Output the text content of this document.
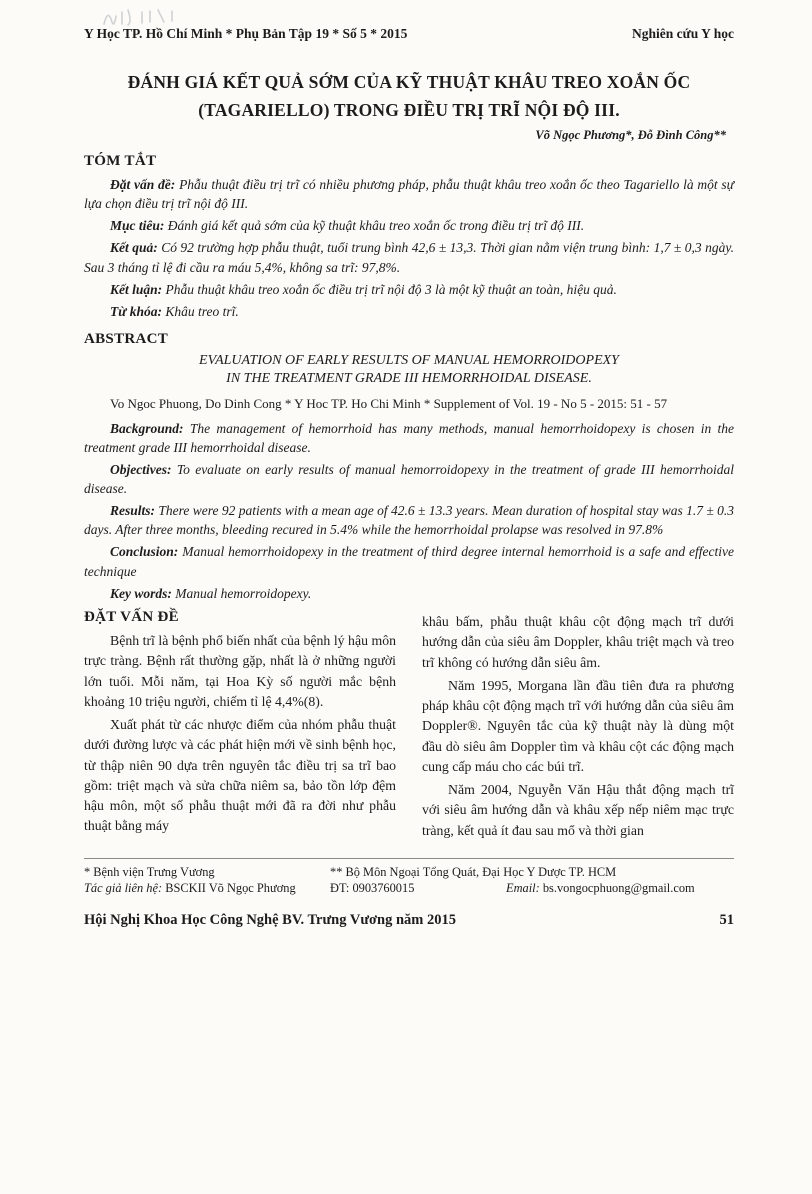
Y Học TP. Hồ Chí Minh * Phụ Bản Tập 19 * Số 5 * 2015	Nghiên cứu Y học
ĐÁNH GIÁ KẾT QUẢ SỚM CỦA KỸ THUẬT KHÂU TREO XOẮN ỐC
(TAGARIELLO) TRONG ĐIỀU TRỊ TRĨ NỘI ĐỘ III.
Võ Ngọc Phương*, Đỗ Đình Công**
TÓM TẮT

Đặt vấn đề: Phẫu thuật điều trị trĩ có nhiều phương pháp, phẫu thuật khâu treo xoắn ốc theo Tagariello là một sự lựa chọn điều trị trĩ nội độ III.

Mục tiêu: Đánh giá kết quả sớm của kỹ thuật khâu treo xoắn ốc trong điều trị trĩ độ III.

Kết quả: Có 92 trường hợp phẫu thuật, tuổi trung bình 42,6 ± 13,3. Thời gian nằm viện trung bình: 1,7 ± 0,3 ngày. Sau 3 tháng tỉ lệ đi cầu ra máu 5,4%, không sa trĩ: 97,8%.

Kết luận: Phẫu thuật khâu treo xoắn ốc điều trị trĩ nội độ 3 là một kỹ thuật an toàn, hiệu quả.

Từ khóa: Khâu treo trĩ.

ABSTRACT
EVALUATION OF EARLY RESULTS OF MANUAL HEMORROIDOPEXY
IN THE TREATMENT GRADE III HEMORRHOIDAL DISEASE.

Vo Ngoc Phuong, Do Dinh Cong * Y Hoc TP. Ho Chi Minh * Supplement of Vol. 19 - No 5 - 2015: 51 - 57

Background: The management of hemorrhoid has many methods, manual hemorrhoidopexy is chosen in the treatment grade III hemorrhoidal disease.

Objectives: To evaluate on early results of manual hemorroidopexy in the treatment of grade III hemorrhoidal disease.

Results: There were 92 patients with a mean age of 42.6 ± 13.3 years. Mean duration of hospital stay was 1.7 ± 0.3 days. After three months, bleeding recured in 5.4% while the hemorrhoidal prolapse was resolved in 97.8%

Conclusion: Manual hemorrhoidopexy in the treatment of third degree internal hemorrhoid is a safe and effective technique

Key words: Manual hemorroidopexy.

ĐẶT VẤN ĐỀ

Bệnh trĩ là bệnh phổ biến nhất của bệnh lý hậu môn trực tràng. Bệnh rất thường gặp, nhất là ở những người lớn tuổi. Mỗi năm, tại Hoa Kỳ số người mắc bệnh khoảng 10 triệu người, chiếm tỉ lệ 4,4%(8).

Xuất phát từ các nhược điểm của nhóm phẫu thuật dưới đường lược và các phát hiện mới về sinh bệnh học, từ thập niên 90 dựa trên nguyên tắc điều trị sa trĩ bao gồm: triệt mạch và sửa chữa niêm sa, bảo tồn lớp đệm hậu môn, một số phẫu thuật mới đã ra đời như phẫu thuật bằng máy

khâu bấm, phẫu thuật khâu cột động mạch trĩ dưới hướng dẫn của siêu âm Doppler, khâu triệt mạch và treo trĩ không có hướng dẫn siêu âm.

Năm 1995, Morgana lần đầu tiên đưa ra phương pháp khâu cột động mạch trĩ với hướng dẫn của siêu âm Doppler®. Nguyên tắc của kỹ thuật này là dùng một đầu dò siêu âm Doppler tìm và khâu cột các động mạch cung cấp máu cho các búi trĩ.

Năm 2004, Nguyễn Văn Hậu thắt động mạch trĩ với siêu âm hướng dẫn và khâu xếp nếp niêm mạc trực tràng, kết quả ít đau sau mổ và thời gian

* Bệnh viện Trưng Vương	** Bộ Môn Ngoại Tổng Quát, Đại Học Y Dược TP. HCM
Tác giả liên hệ: BSCKII Võ Ngọc Phương	ĐT: 0903760015	Email: bs.vongocphuong@gmail.com
Hội Nghị Khoa Học Công Nghệ BV. Trưng Vương năm 2015	51
